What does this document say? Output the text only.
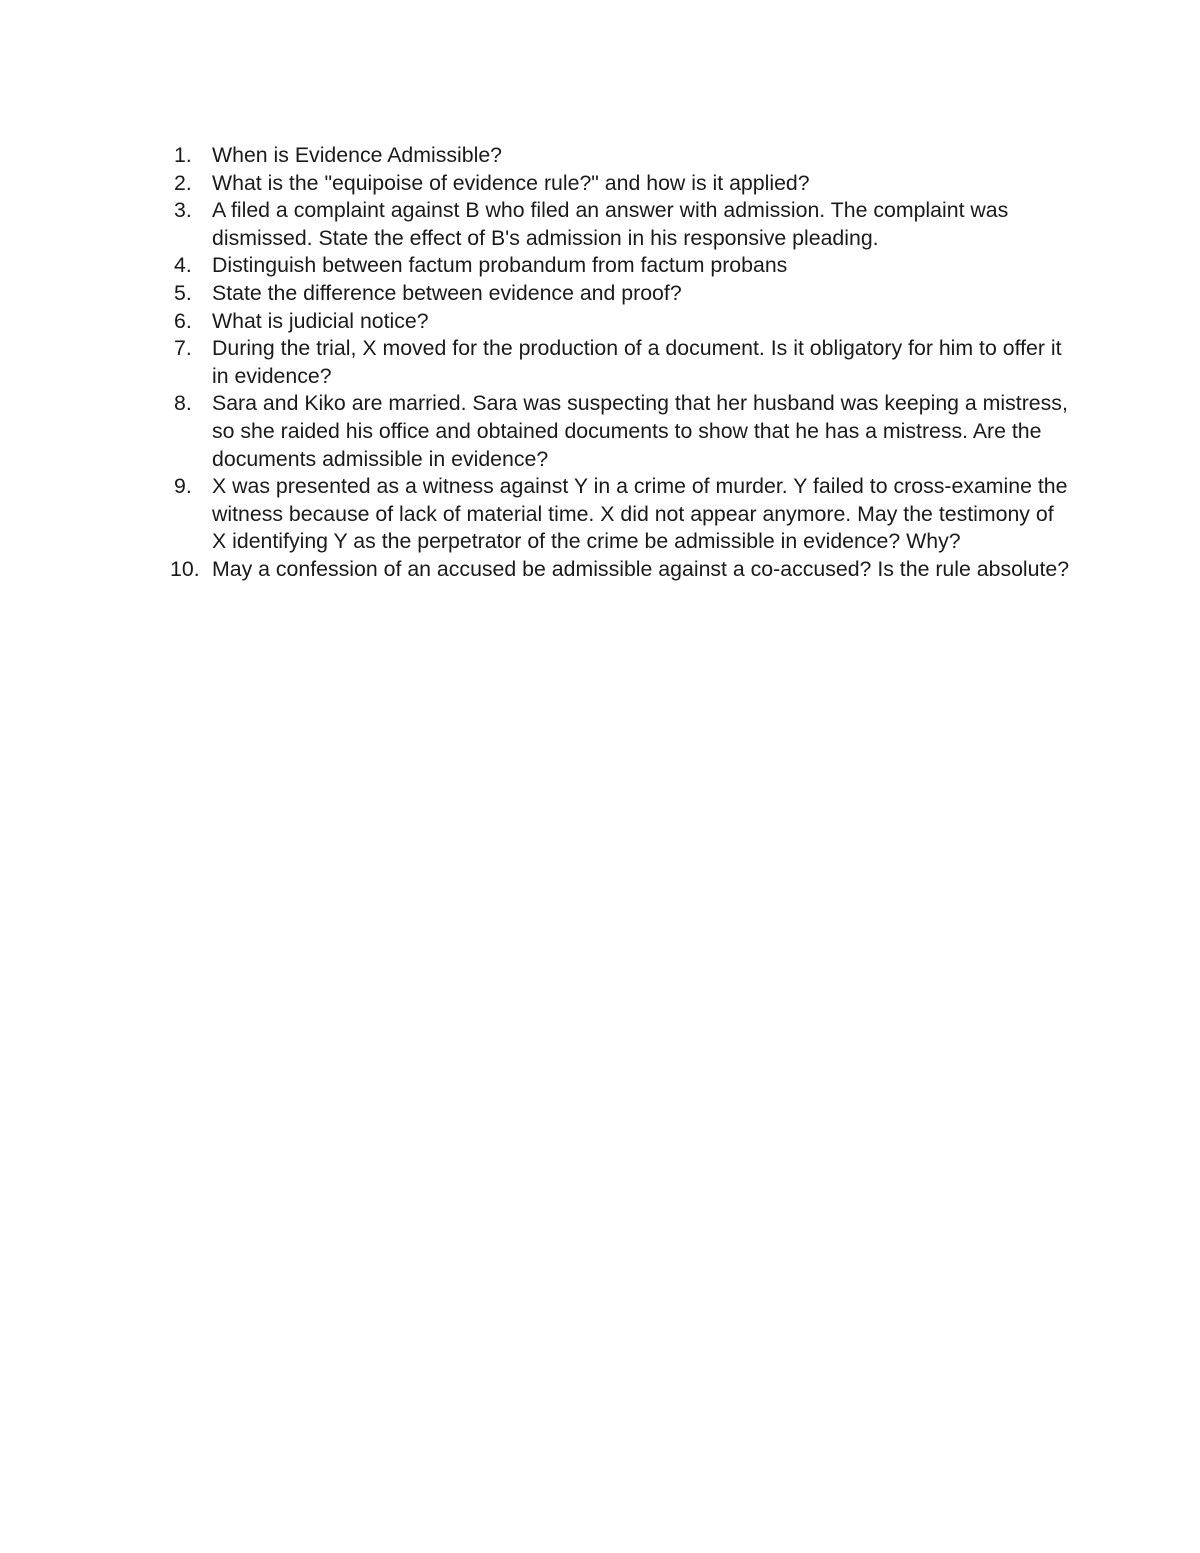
1. When is Evidence Admissible?
2. What is the "equipoise of evidence rule?" and how is it applied?
3. A filed a complaint against B who filed an answer with admission. The complaint was dismissed. State the effect of B's admission in his responsive pleading.
4. Distinguish between factum probandum from factum probans
5. State the difference between evidence and proof?
6. What is judicial notice?
7. During the trial, X moved for the production of a document. Is it obligatory for him to offer it in evidence?
8. Sara and Kiko are married. Sara was suspecting that her husband was keeping a mistress, so she raided his office and obtained documents to show that he has a mistress. Are the documents admissible in evidence?
9. X was presented as a witness against Y in a crime of murder. Y failed to cross-examine the witness because of lack of material time. X did not appear anymore. May the testimony of X identifying Y as the perpetrator of the crime be admissible in evidence? Why?
10. May a confession of an accused be admissible against a co-accused? Is the rule absolute?
